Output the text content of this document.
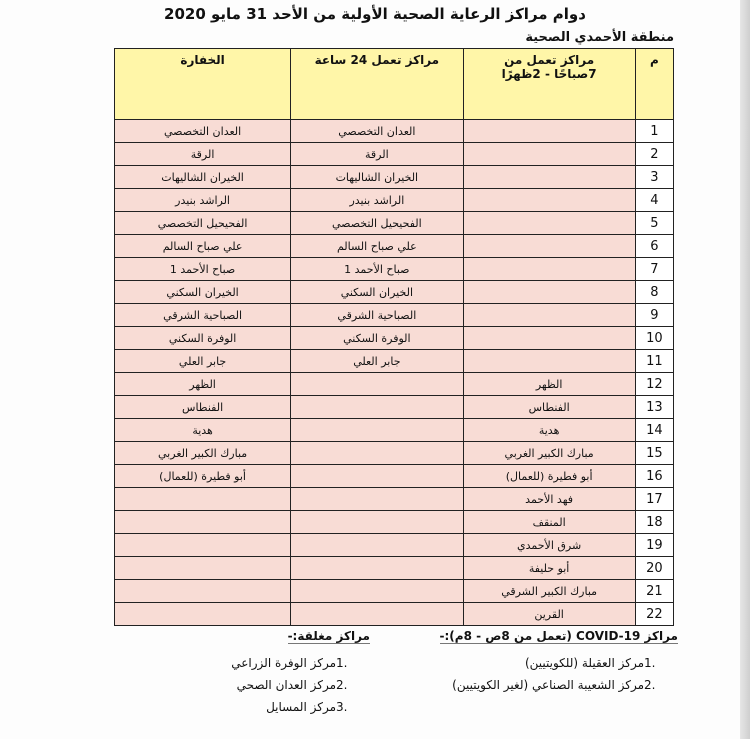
دوام مراكز الرعاية الصحية الأولية من الأحد 31 مايو 2020
منطقة الأحمدي الصحية
م	مراكز تعمل من
7صباحًا - 2ظهرًا	مراكز تعمل 24 ساعة	الخفارة
1		العدان التخصصي	العدان التخصصي
2		الرقة	الرقة
3		الخيران الشاليهات	الخيران الشاليهات
4		الراشد بنيدر	الراشد بنيدر
5		الفحيحيل التخصصي	الفحيحيل التخصصي
6		علي صباح السالم	علي صباح السالم
7		صباح الأحمد 1	صباح الأحمد 1
8		الخيران السكني	الخيران السكني
9		الصباحية الشرقي	الصباحية الشرقي
10		الوفرة السكني	الوفرة السكني
11		جابر العلي	جابر العلي
12	الظهر		الظهر
13	الفنطاس		الفنطاس
14	هدية		هدية
15	مبارك الكبير الغربي		مبارك الكبير الغربي
16	أبو فطيرة (للعمال)		أبو فطيرة (للعمال)
17	فهد الأحمد		
18	المنقف		
19	شرق الأحمدي		
20	أبو حليفة		
21	مبارك الكبير الشرقي		
22	القرين		
مراكز COVID-19 (تعمل من 8ص - 8م):-
1.مركز العقيلة (للكويتيين)
2.مركز الشعيبة الصناعي (لغير الكويتيين)
مراكز مغلقة:-
1.مركز الوفرة الزراعي
2.مركز العدان الصحي
3.مركز المسايل
